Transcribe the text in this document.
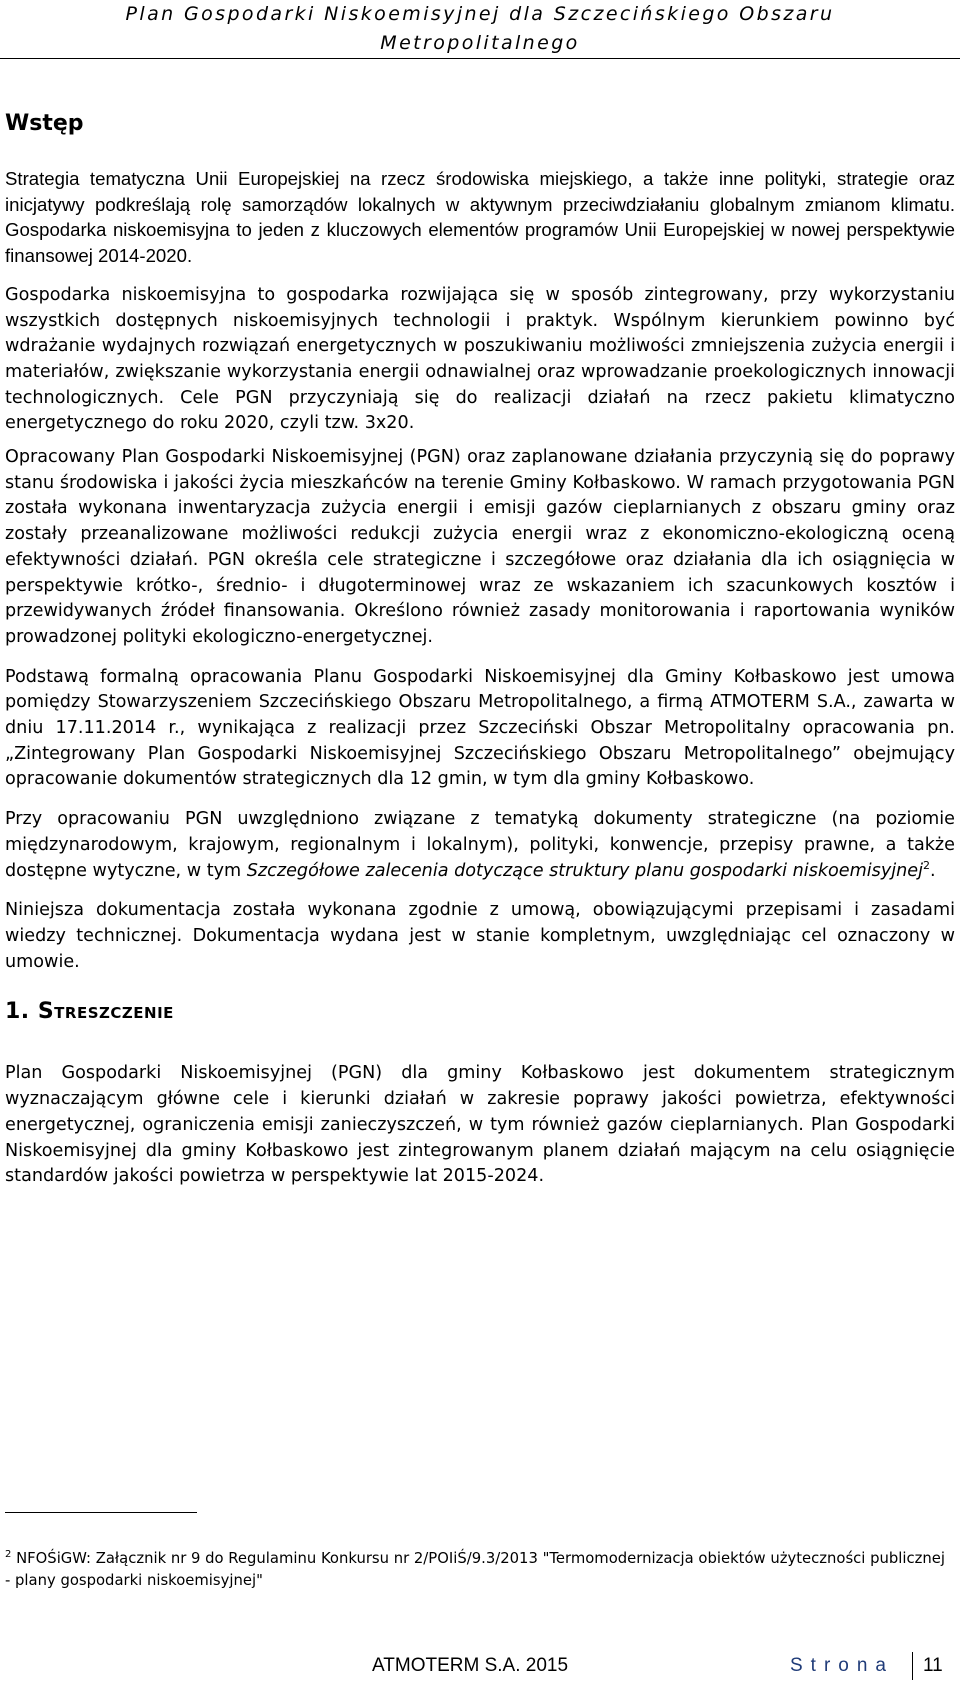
Plan Gospodarki Niskoemisyjnej dla Szczecińskiego Obszaru
Metropolitalnego
Wstęp

Strategia tematyczna Unii Europejskiej na rzecz środowiska miejskiego, a także inne polityki, strategie oraz inicjatywy podkreślają rolę samorządów lokalnych w aktywnym przeciwdziałaniu globalnym zmianom klimatu. Gospodarka niskoemisyjna to jeden z kluczowych elementów programów Unii Europejskiej w nowej perspektywie finansowej 2014-2020.

Gospodarka niskoemisyjna to gospodarka rozwijająca się w sposób zintegrowany, przy wykorzystaniu wszystkich dostępnych niskoemisyjnych technologii i praktyk. Wspólnym kierunkiem powinno być wdrażanie wydajnych rozwiązań energetycznych w poszukiwaniu możliwości zmniejszenia zużycia energii i materiałów, zwiększanie wykorzystania energii odnawialnej oraz wprowadzanie proekologicznych innowacji technologicznych. Cele PGN przyczyniają się do realizacji działań na rzecz pakietu klimatyczno energetycznego do roku 2020, czyli tzw. 3x20.

Opracowany Plan Gospodarki Niskoemisyjnej (PGN) oraz zaplanowane działania przyczynią się do poprawy stanu środowiska i jakości życia mieszkańców na terenie Gminy Kołbaskowo. W ramach przygotowania PGN została wykonana inwentaryzacja zużycia energii i emisji gazów cieplarnianych z obszaru gminy oraz zostały przeanalizowane możliwości redukcji zużycia energii wraz z ekonomiczno-ekologiczną oceną efektywności działań. PGN określa cele strategiczne i szczegółowe oraz działania dla ich osiągnięcia w perspektywie krótko-, średnio- i długoterminowej wraz ze wskazaniem ich szacunkowych kosztów i przewidywanych źródeł finansowania. Określono również zasady monitorowania i raportowania wyników prowadzonej polityki ekologiczno-energetycznej.

Podstawą formalną opracowania Planu Gospodarki Niskoemisyjnej dla Gminy Kołbaskowo jest umowa pomiędzy Stowarzyszeniem Szczecińskiego Obszaru Metropolitalnego, a firmą ATMOTERM S.A., zawarta w dniu 17.11.2014 r., wynikająca z realizacji przez Szczeciński Obszar Metropolitalny opracowania pn. „Zintegrowany Plan Gospodarki Niskoemisyjnej Szczecińskiego Obszaru Metropolitalnego” obejmujący opracowanie dokumentów strategicznych dla 12 gmin, w tym dla gminy Kołbaskowo.

Przy opracowaniu PGN uwzględniono związane z tematyką dokumenty strategiczne (na poziomie międzynarodowym, krajowym, regionalnym i lokalnym), polityki, konwencje, przepisy prawne, a także dostępne wytyczne, w tym Szczegółowe zalecenia dotyczące struktury planu gospodarki niskoemisyjnej$^2$.

Niniejsza dokumentacja została wykonana zgodnie z umową, obowiązującymi przepisami i zasadami wiedzy technicznej. Dokumentacja wydana jest w stanie kompletnym, uwzględniając cel oznaczony w umowie.

1. Streszczenie

Plan Gospodarki Niskoemisyjnej (PGN) dla gminy Kołbaskowo jest dokumentem strategicznym wyznaczającym główne cele i kierunki działań w zakresie poprawy jakości powietrza, efektywności energetycznej, ograniczenia emisji zanieczyszczeń, w tym również gazów cieplarnianych. Plan Gospodarki Niskoemisyjnej dla gminy Kołbaskowo jest zintegrowanym planem działań mającym na celu osiągnięcie standardów jakości powietrza w perspektywie lat 2015-2024.

$^2$ NFOŚiGW: Załącznik nr 9 do Regulaminu Konkursu nr 2/POIiŚ/9.3/2013 "Termomodernizacja obiektów użyteczności publicznej - plany gospodarki niskoemisyjnej"
ATMOTERM S.A. 2015	Strona	11
